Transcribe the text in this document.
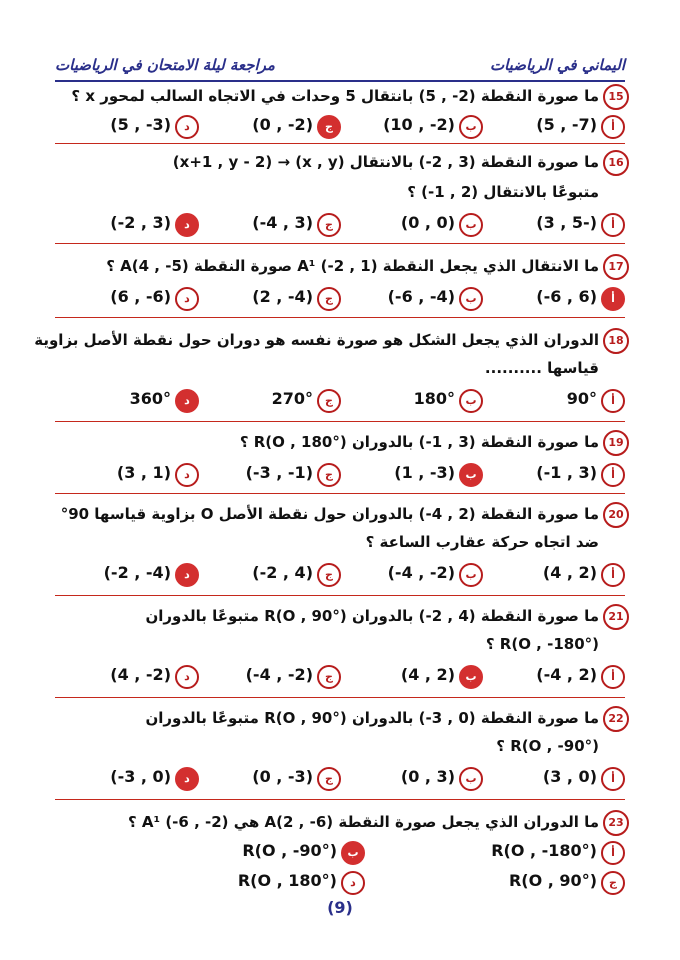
اليماني في الرياضيات
مراجعة ليلة الامتحان في الرياضيات
15
ما صورة النقطة (2- , 5) بانتقال 5 وحدات في الاتجاه السالب لمحور x ؟
أ
(5 , -7)
ب
(10 , -2)
ج
(0 , -2)
د
(5 , -3)
16
ما صورة النقطة (3 , 2-) بالانتقال (x , y) → (x+1 , y - 2)
متبوعًا بالانتقال (2 , 1-) ؟
أ
(3 , 5-)
ب
(0 , 0)
ج
(-4 , 3)
د
(-2 , 3)
17
ما الانتقال الذي يجعل النقطة (1 , 2-) A¹ صورة النقطة (5- , 4)A ؟
أ
(-6 , 6)
ب
(-6 , -4)
ج
(2 , -4)
د
(6 , -6)
18
الدوران الذي يجعل الشكل هو صورة نفسه هو دوران حول نقطة الأصل بزاوية
قياسها ..........
أ
90°
ب
180°
ج
270°
د
360°
19
ما صورة النقطة (3 , 1-) بالدوران (R(O , 180° ؟
أ
(-1 , 3)
ب
(1 , -3)
ج
(-3 , -1)
د
(3 , 1)
20
ما صورة النقطة (2 , 4-) بالدوران حول نقطة الأصل O بزاوية قياسها 90°
ضد اتجاه حركة عقارب الساعة ؟
أ
(4 , 2)
ب
(-4 , -2)
ج
(-2 , 4)
د
(-2 , -4)
21
ما صورة النقطة (4 , 2-) بالدوران (R(O , 90° متبوعًا بالدوران
(R(O , -180° ؟
أ
(-4 , 2)
ب
(4 , 2)
ج
(-4 , -2)
د
(4 , -2)
22
ما صورة النقطة (0 , 3-) بالدوران (R(O , 90° متبوعًا بالدوران
(R(O , -90° ؟
أ
(3 , 0)
ب
(0 , 3)
ج
(0 , -3)
د
(-3 , 0)
23
ما الدوران الذي يجعل صورة النقطة (6- , 2)A هي (2- , 6-) A¹ ؟
أ
R(O , -180°)
ب
R(O , -90°)
ج
R(O , 90°)
د
R(O , 180°)
(9)
